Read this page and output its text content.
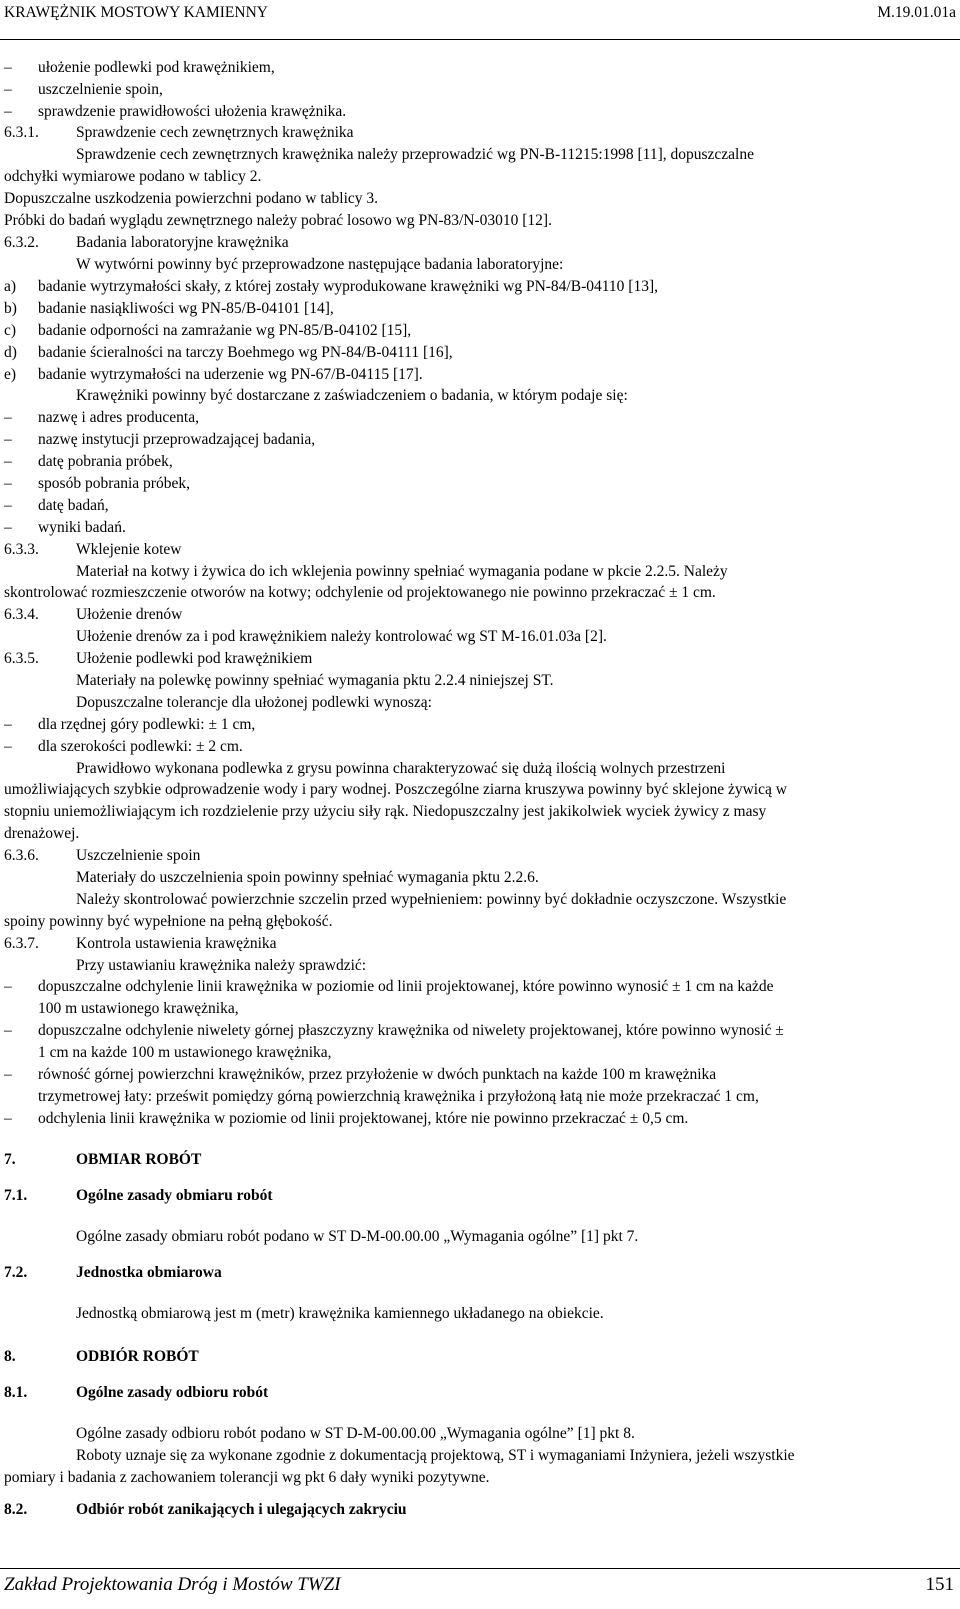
KRAWĘŻNIK MOSTOWY KAMIENNY	M.19.01.01a
– ułożenie podlewki pod krawężnikiem,
– uszczelnienie spoin,
– sprawdzenie prawidłowości ułożenia krawężnika.
6.3.1. Sprawdzenie cech zewnętrznych krawężnika
Sprawdzenie cech zewnętrznych krawężnika należy przeprowadzić wg PN-B-11215:1998 [11], dopuszczalne
odchyłki wymiarowe podano w tablicy 2.
Dopuszczalne uszkodzenia powierzchni podano w tablicy 3.
Próbki do badań wyglądu zewnętrznego należy pobrać losowo wg PN-83/N-03010 [12].
6.3.2. Badania laboratoryjne krawężnika
W wytwórni powinny być przeprowadzone następujące badania laboratoryjne:
a) badanie wytrzymałości skały, z której zostały wyprodukowane krawężniki wg PN-84/B-04110 [13],
b) badanie nasiąkliwości wg PN-85/B-04101 [14],
c) badanie odporności na zamrażanie wg PN-85/B-04102 [15],
d) badanie ścieralności na tarczy Boehmego wg PN-84/B-04111 [16],
e) badanie wytrzymałości na uderzenie wg PN-67/B-04115 [17].
Krawężniki powinny być dostarczane z zaświadczeniem o badania, w którym podaje się:
– nazwę i adres producenta,
– nazwę instytucji przeprowadzającej badania,
– datę pobrania próbek,
– sposób pobrania próbek,
– datę badań,
– wyniki badań.
6.3.3. Wklejenie kotew
Materiał na kotwy i żywica do ich wklejenia powinny spełniać wymagania podane w pkcie 2.2.5. Należy
skontrolować rozmieszczenie otworów na kotwy; odchylenie od projektowanego nie powinno przekraczać ± 1 cm.
6.3.4. Ułożenie drenów
Ułożenie drenów za i pod krawężnikiem należy kontrolować wg ST M-16.01.03a [2].
6.3.5. Ułożenie podlewki pod krawężnikiem
Materiały na polewkę powinny spełniać wymagania pktu 2.2.4 niniejszej ST.
Dopuszczalne tolerancje dla ułożonej podlewki wynoszą:
– dla rzędnej góry podlewki: ± 1 cm,
– dla szerokości podlewki: ± 2 cm.
Prawidłowo wykonana podlewka z grysu powinna charakteryzować się dużą ilością wolnych przestrzeni
umożliwiających szybkie odprowadzenie wody i pary wodnej. Poszczególne ziarna kruszywa powinny być sklejone żywicą w
stopniu uniemożliwiającym ich rozdzielenie przy użyciu siły rąk. Niedopuszczalny jest jakikolwiek wyciek żywicy z masy
drenażowej.
6.3.6. Uszczelnienie spoin
Materiały do uszczelnienia spoin powinny spełniać wymagania pktu 2.2.6.
Należy skontrolować powierzchnie szczelin przed wypełnieniem: powinny być dokładnie oczyszczone. Wszystkie
spoiny powinny być wypełnione na pełną głębokość.
6.3.7. Kontrola ustawienia krawężnika
Przy ustawianiu krawężnika należy sprawdzić:
– dopuszczalne odchylenie linii krawężnika w poziomie od linii projektowanej, które powinno wynosić ± 1 cm na każde
100 m ustawionego krawężnika,
– dopuszczalne odchylenie niwelety górnej płaszczyzny krawężnika od niwelety projektowanej, które powinno wynosić ±
1 cm na każde 100 m ustawionego krawężnika,
– równość górnej powierzchni krawężników, przez przyłożenie w dwóch punktach na każde 100 m krawężnika
trzymetrowej łaty: prześwit pomiędzy górną powierzchnią krawężnika i przyłożoną łatą nie może przekraczać 1 cm,
– odchylenia linii krawężnika w poziomie od linii projektowanej, które nie powinno przekraczać ± 0,5 cm.
7.	OBMIAR ROBÓT
7.1.	Ogólne zasady obmiaru robót
Ogólne zasady obmiaru robót podano w ST D-M-00.00.00 „Wymagania ogólne” [1] pkt 7.
7.2.	Jednostka obmiarowa
Jednostką obmiarową jest m (metr) krawężnika kamiennego układanego na obiekcie.
8.	ODBIÓR ROBÓT
8.1.	Ogólne zasady odbioru robót
Ogólne zasady odbioru robót podano w ST D-M-00.00.00 „Wymagania ogólne” [1] pkt 8.
Roboty uznaje się za wykonane zgodnie z dokumentacją projektową, ST i wymaganiami Inżyniera, jeżeli wszystkie
pomiary i badania z zachowaniem tolerancji wg pkt 6 dały wyniki pozytywne.
8.2.	Odbiór robót zanikających i ulegających zakryciu
Zakład Projektowania Dróg i Mostów TWZI	151
